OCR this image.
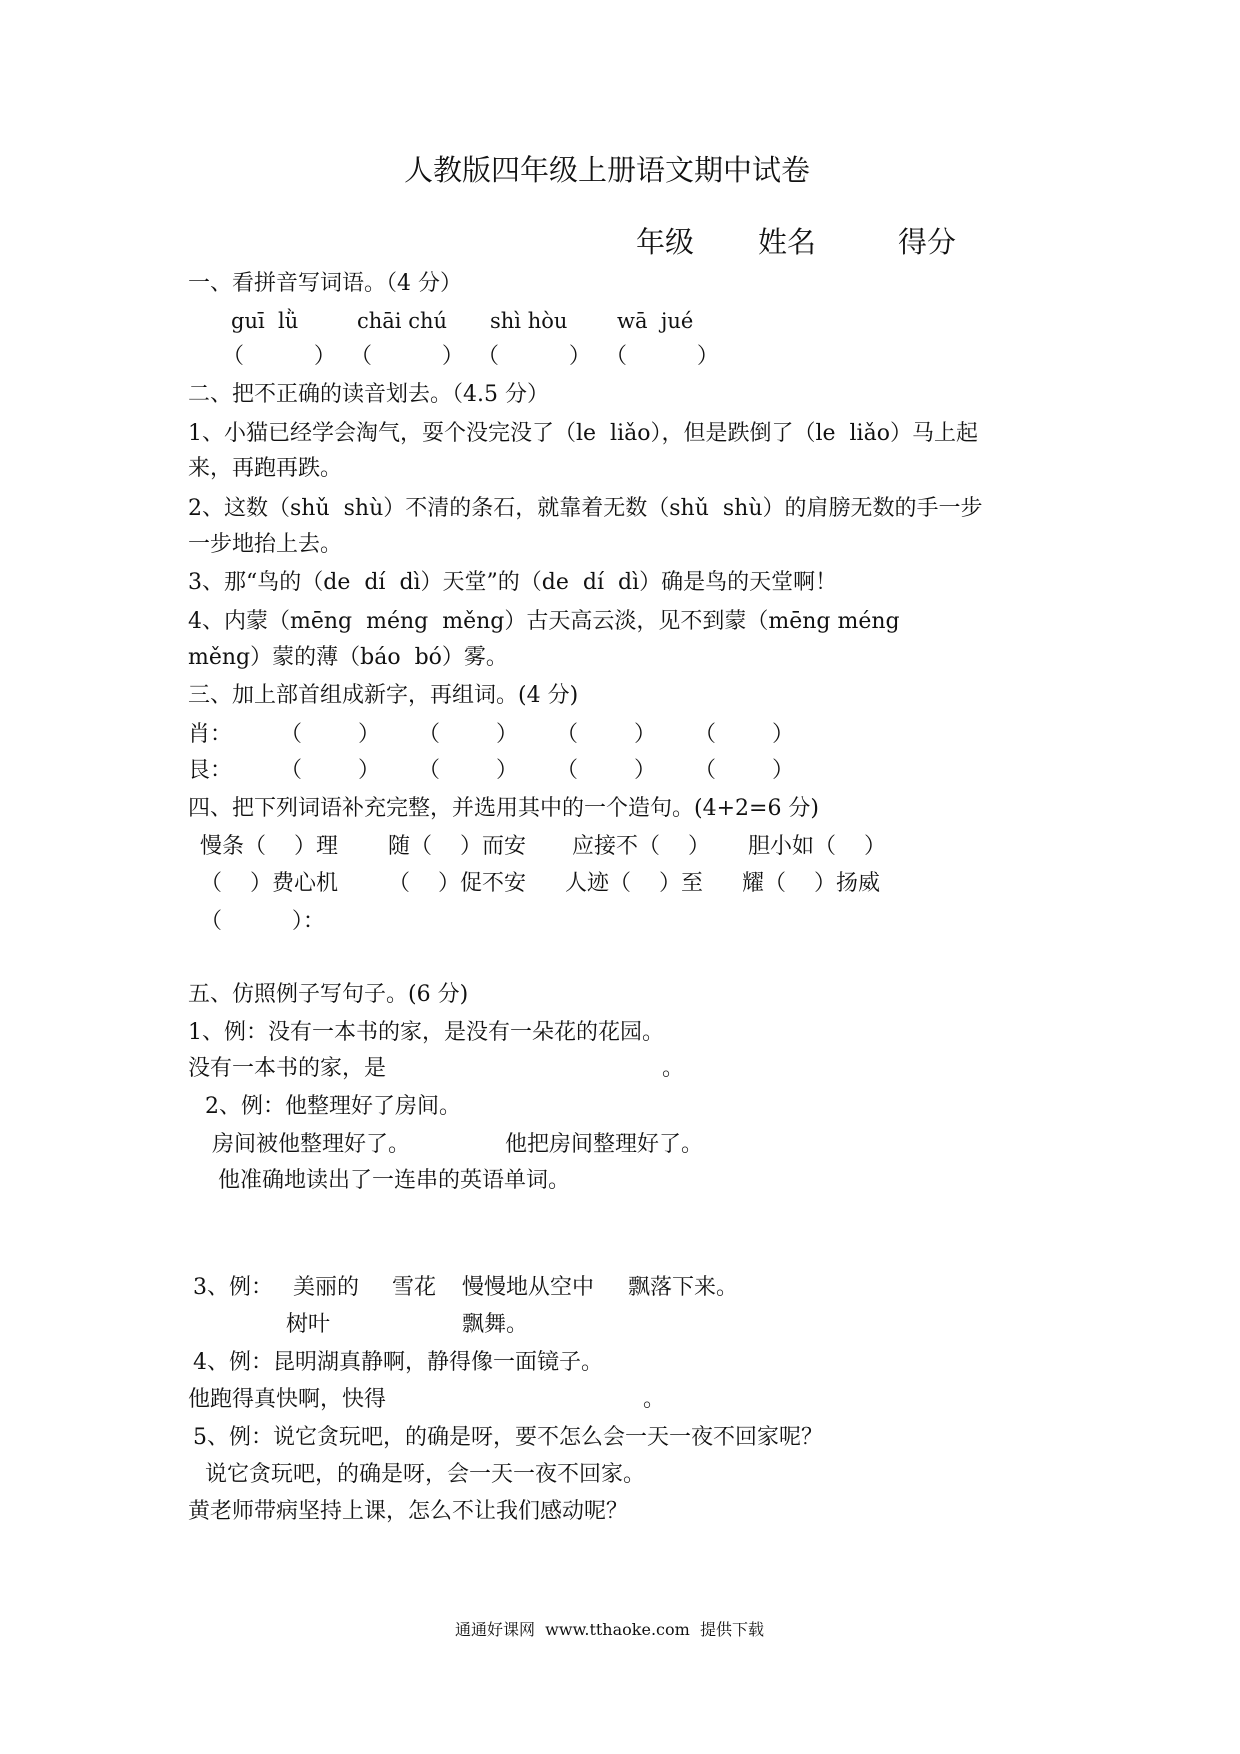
人教版四年级上册语文期中试卷
年级 姓名	得分
一、看拼音写词语。（4 分）
guī  lǜ	chāi chú shì hòu wā  jué
（          ） （          ） （          ） （          ）
二、把不正确的读音划去。（4.5 分）
1、小猫已经学会淘气，耍个没完没了（le  liǎo），但是跌倒了（le  liǎo）马上起
来，再跑再跌。
2、这数（shǔ  shù）不清的条石，就靠着无数（shǔ  shù）的肩膀无数的手一步
一步地抬上去。
3、那“鸟的（de  dí  dì）天堂”的（de  dí  dì）确是鸟的天堂啊！
4、内蒙（mēng  méng  měng）古天高云淡，见不到蒙（mēng méng
měng）蒙的薄（báo  bó）雾。
三、加上部首组成新字，再组词。(4 分)
肖： （        ） （        ） （        ） （        ）
艮： （        ） （        ） （        ） （        ）
四、把下列词语补充完整，并选用其中的一个造句。(4+2=6 分)
慢条（    ）理 随（    ）而安 应接不（    ） 胆小如（    ）
（    ）费心机 （    ）促不安 人迹（    ）至 耀（    ）扬威
（          ）：
五、仿照例子写句子。(6 分)
1、例：没有一本书的家，是没有一朵花的花园。
没有一本书的家，是	。
2、例：他整理好了房间。
房间被他整理好了。	他把房间整理好了。
他准确地读出了一连串的英语单词。
3、例： 美丽的 雪花 慢慢地从空中 飘落下来。
树叶	飘舞。
4、例：昆明湖真静啊，静得像一面镜子。
他跑得真快啊，快得	。
5、例：说它贪玩吧，的确是呀，要不怎么会一天一夜不回家呢？
说它贪玩吧，的确是呀，会一天一夜不回家。
黄老师带病坚持上课，怎么不让我们感动呢？
通通好课网  www.tthaoke.com  提供下载
